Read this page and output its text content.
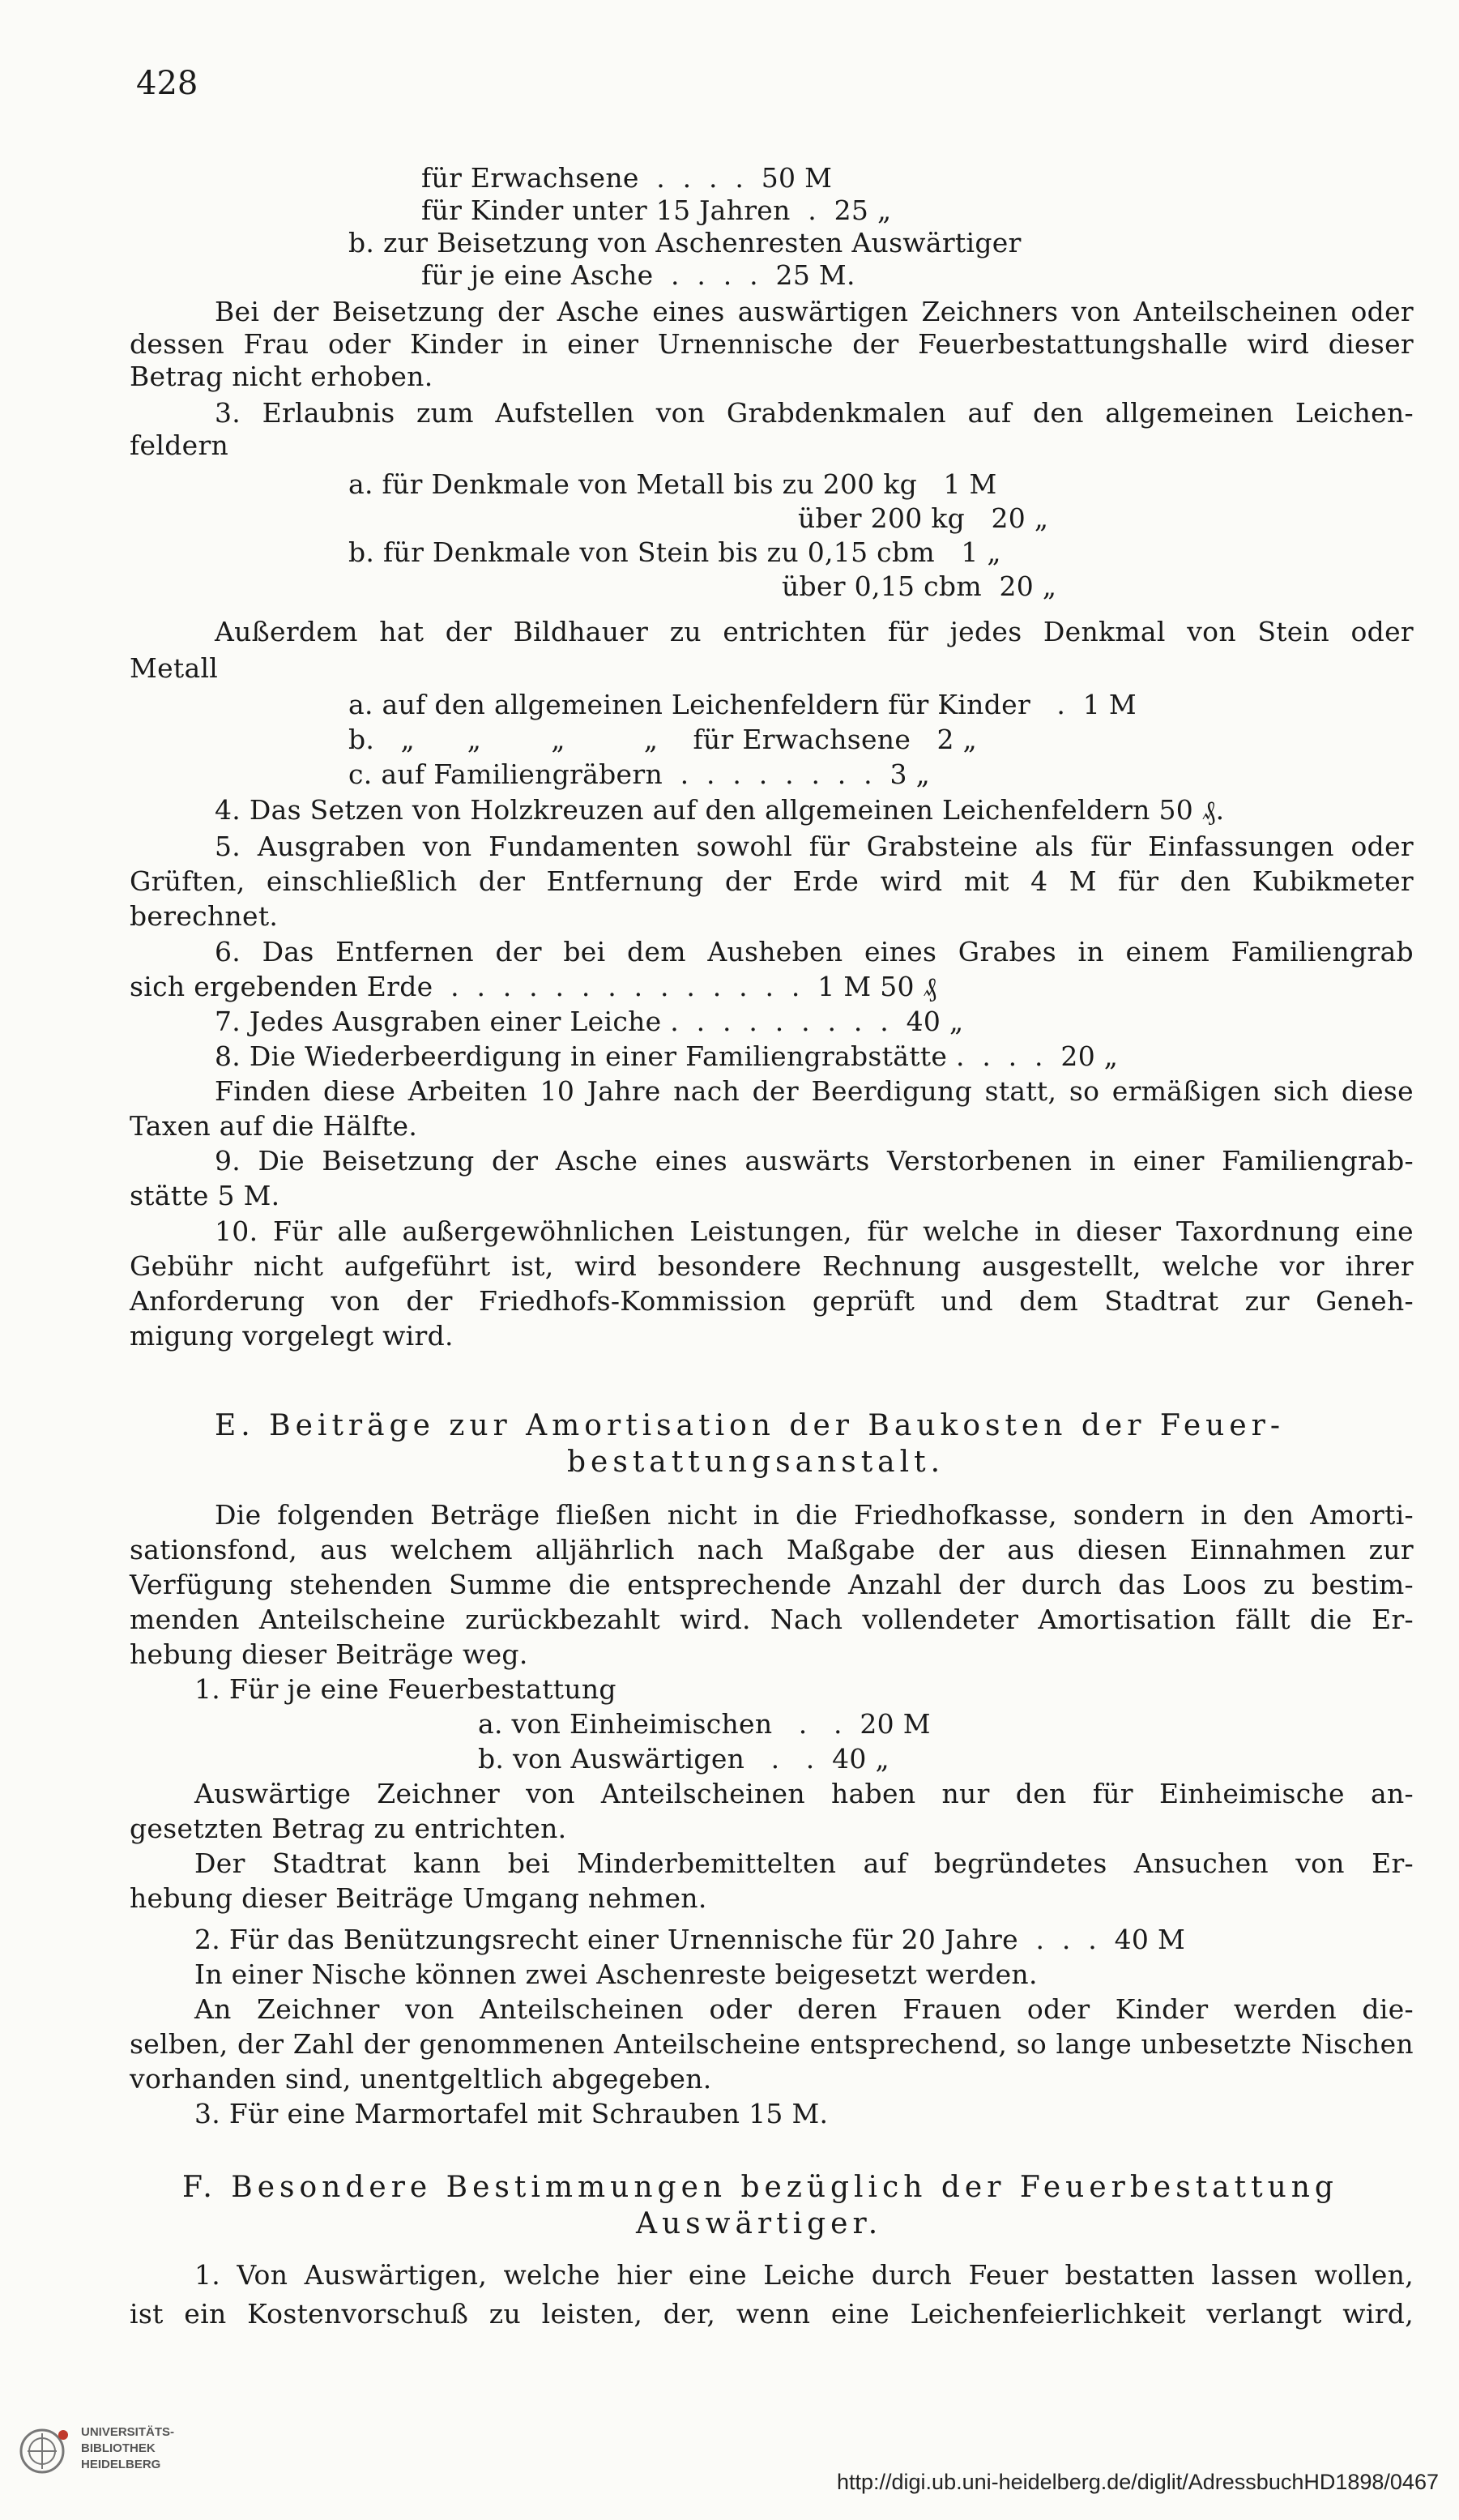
428
für Erwachsene  .  .  .  .  50 M
für Kinder unter 15 Jahren  .  25 „
b. zur Beisetzung von Aschenresten Auswärtiger
für je eine Asche  .  .  .  .  25 M.
Bei der Beisetzung der Asche eines auswärtigen Zeichners von Anteilscheinen oder
dessen Frau oder Kinder in einer Urnennische der Feuerbestattungshalle wird dieser
Betrag nicht erhoben.
3. Erlaubnis zum Aufstellen von Grabdenkmalen auf den allgemeinen Leichen-
feldern
a. für Denkmale von Metall bis zu 200 kg   1 M
über 200 kg   20 „
b. für Denkmale von Stein bis zu 0,15 cbm   1 „
über 0,15 cbm  20 „
Außerdem hat der Bildhauer zu entrichten für jedes Denkmal von Stein oder
Metall
a. auf den allgemeinen Leichenfeldern für Kinder   .  1 M
b.   „      „        „         „    für Erwachsene   2 „
c. auf Familiengräbern  .  .  .  .  .  .  .  .  3 „
4. Das Setzen von Holzkreuzen auf den allgemeinen Leichenfeldern 50 ₰.
5. Ausgraben von Fundamenten sowohl für Grabsteine als für Einfassungen oder
Grüften, einschließlich der Entfernung der Erde wird mit 4 M für den Kubikmeter
berechnet.
6. Das Entfernen der bei dem Ausheben eines Grabes in einem Familiengrab
sich ergebenden Erde  .  .  .  .  .  .  .  .  .  .  .  .  .  .  1 M 50 ₰
7. Jedes Ausgraben einer Leiche .  .  .  .  .  .  .  .  .  40 „
8. Die Wiederbeerdigung in einer Familiengrabstätte .  .  .  .  20 „
Finden diese Arbeiten 10 Jahre nach der Beerdigung statt, so ermäßigen sich diese
Taxen auf die Hälfte.
9. Die Beisetzung der Asche eines auswärts Verstorbenen in einer Familiengrab-
stätte 5 M.
10. Für alle außergewöhnlichen Leistungen, für welche in dieser Taxordnung eine
Gebühr nicht aufgeführt ist, wird besondere Rechnung ausgestellt, welche vor ihrer
Anforderung von der Friedhofs-Kommission geprüft und dem Stadtrat zur Geneh-
migung vorgelegt wird.
E. Beiträge zur Amortisation der Baukosten der Feuer-
bestattungsanstalt.
Die folgenden Beträge fließen nicht in die Friedhofkasse, sondern in den Amorti-
sationsfond, aus welchem alljährlich nach Maßgabe der aus diesen Einnahmen zur
Verfügung stehenden Summe die entsprechende Anzahl der durch das Loos zu bestim-
menden Anteilscheine zurückbezahlt wird. Nach vollendeter Amortisation fällt die Er-
hebung dieser Beiträge weg.
1. Für je eine Feuerbestattung
a. von Einheimischen   .   .  20 M
b. von Auswärtigen   .   .  40 „
Auswärtige Zeichner von Anteilscheinen haben nur den für Einheimische an-
gesetzten Betrag zu entrichten.
Der Stadtrat kann bei Minderbemittelten auf begründetes Ansuchen von Er-
hebung dieser Beiträge Umgang nehmen.
2. Für das Benützungsrecht einer Urnennische für 20 Jahre  .  .  .  40 M
In einer Nische können zwei Aschenreste beigesetzt werden.
An Zeichner von Anteilscheinen oder deren Frauen oder Kinder werden die-
selben, der Zahl der genommenen Anteilscheine entsprechend, so lange unbesetzte Nischen
vorhanden sind, unentgeltlich abgegeben.
3. Für eine Marmortafel mit Schrauben 15 M.
F. Besondere Bestimmungen bezüglich der Feuerbestattung
Auswärtiger.
1. Von Auswärtigen, welche hier eine Leiche durch Feuer bestatten lassen wollen,
ist ein Kostenvorschuß zu leisten, der, wenn eine Leichenfeierlichkeit verlangt wird,
UNIVERSITÄTS-
BIBLIOTHEK
HEIDELBERG
http://digi.ub.uni-heidelberg.de/diglit/AdressbuchHD1898/0467
